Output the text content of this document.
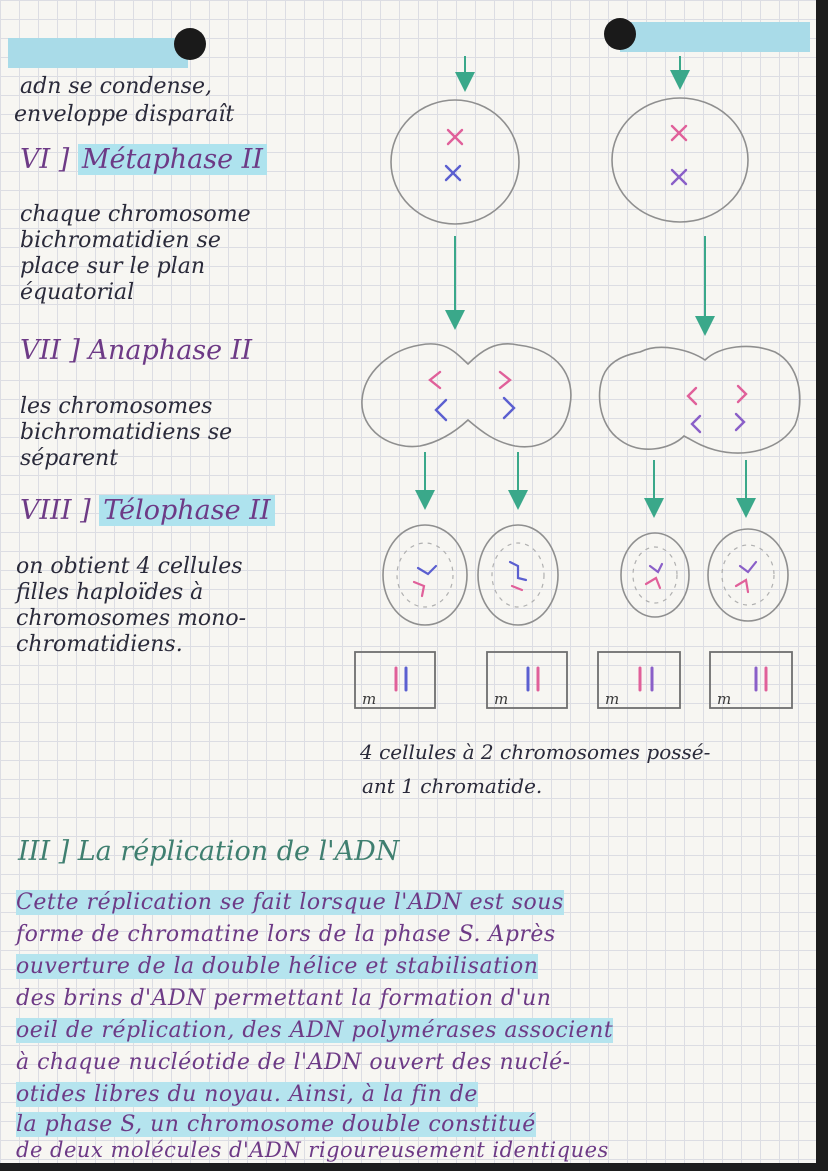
adn se condense,
enveloppe disparaît
VI ] Métaphase II
chaque chromosome
bichromatidien se
place sur le plan
équatorial
VII ] Anaphase II
les chromosomes
bichromatidiens se
séparent
VIII ] Télophase II
on obtient 4 cellules
filles haploïdes à
chromosomes mono-
chromatidiens.
m	m	m	m
4 cellules à 2 chromosomes possé-
ant 1 chromatide.
III ] La réplication de l'ADN
Cette réplication se fait lorsque l'ADN est sous
forme de chromatine lors de la phase S. Après
ouverture de la double hélice et stabilisation
des brins d'ADN permettant la formation d'un
oeil de réplication, des ADN polymérases associent
à chaque nucléotide de l'ADN ouvert des nuclé-
otides libres du noyau. Ainsi, à la fin de
la phase S, un chromosome double constitué
de deux molécules d'ADN rigoureusement identiques
